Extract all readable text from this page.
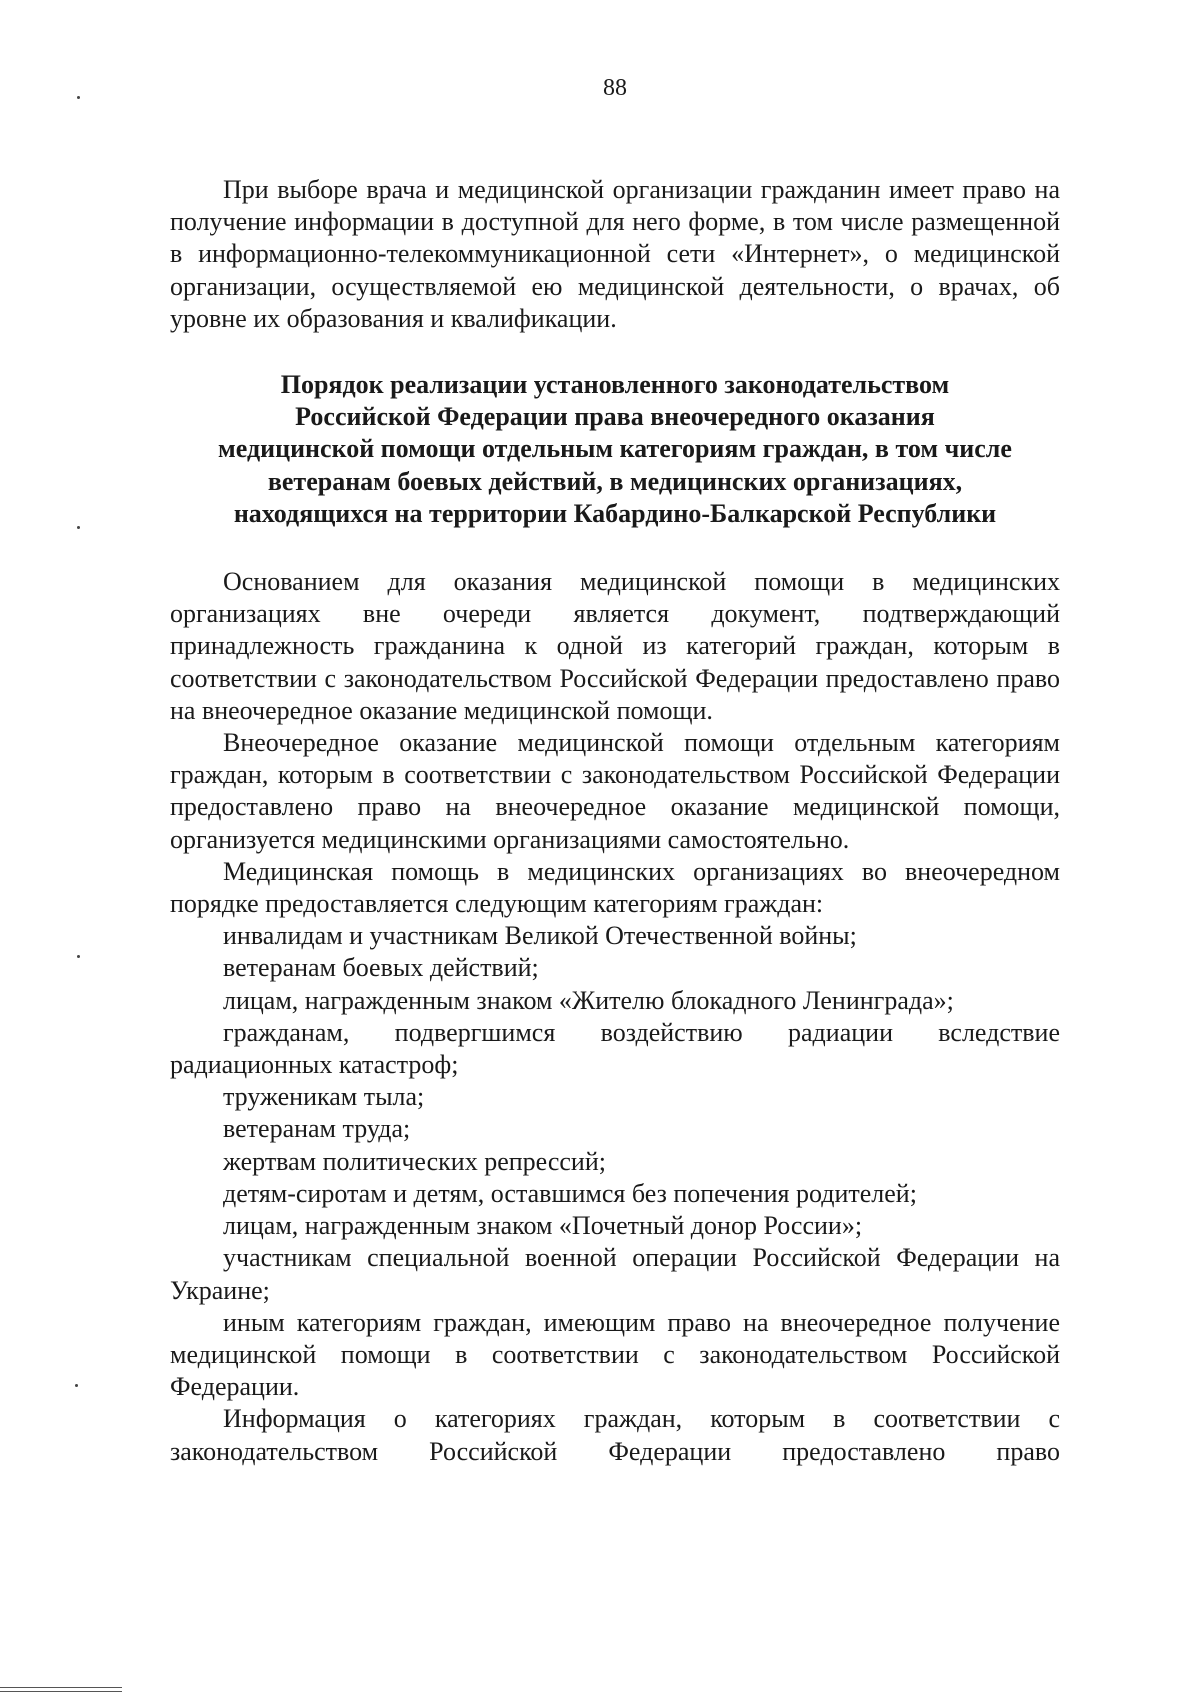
88

При выборе врача и медицинской организации гражданин имеет право на получение информации в доступной для него форме, в том числе размещенной в информационно-телекоммуникационной сети «Интернет», о медицинской организации, осуществляемой ею медицинской деятельности, о врачах, об уровне их образования и квалификации.

Порядок реализации установленного законодательством
Российской Федерации права внеочередного оказания
медицинской помощи отдельным категориям граждан, в том числе
ветеранам боевых действий, в медицинских организациях,
находящихся на территории Кабардино-Балкарской Республики

Основанием для оказания медицинской помощи в медицинских организациях вне очереди является документ, подтверждающий принадлежность гражданина к одной из категорий граждан, которым в соответствии с законодательством Российской Федерации предоставлено право на внеочередное оказание медицинской помощи.

Внеочередное оказание медицинской помощи отдельным категориям граждан, которым в соответствии с законодательством Российской Федерации предоставлено право на внеочередное оказание медицинской помощи, организуется медицинскими организациями самостоятельно.

Медицинская помощь в медицинских организациях во внеочередном порядке предоставляется следующим категориям граждан:

инвалидам и участникам Великой Отечественной войны;

ветеранам боевых действий;

лицам, награжденным знаком «Жителю блокадного Ленинграда»;

гражданам, подвергшимся воздействию радиации вследствие радиационных катастроф;

труженикам тыла;

ветеранам труда;

жертвам политических репрессий;

детям-сиротам и детям, оставшимся без попечения родителей;

лицам, награжденным знаком «Почетный донор России»;

участникам специальной военной операции Российской Федерации на Украине;

иным категориям граждан, имеющим право на внеочередное получение медицинской помощи в соответствии с законодательством Российской Федерации.

Информация о категориях граждан, которым в соответствии с законодательством Российской Федерации предоставлено право
